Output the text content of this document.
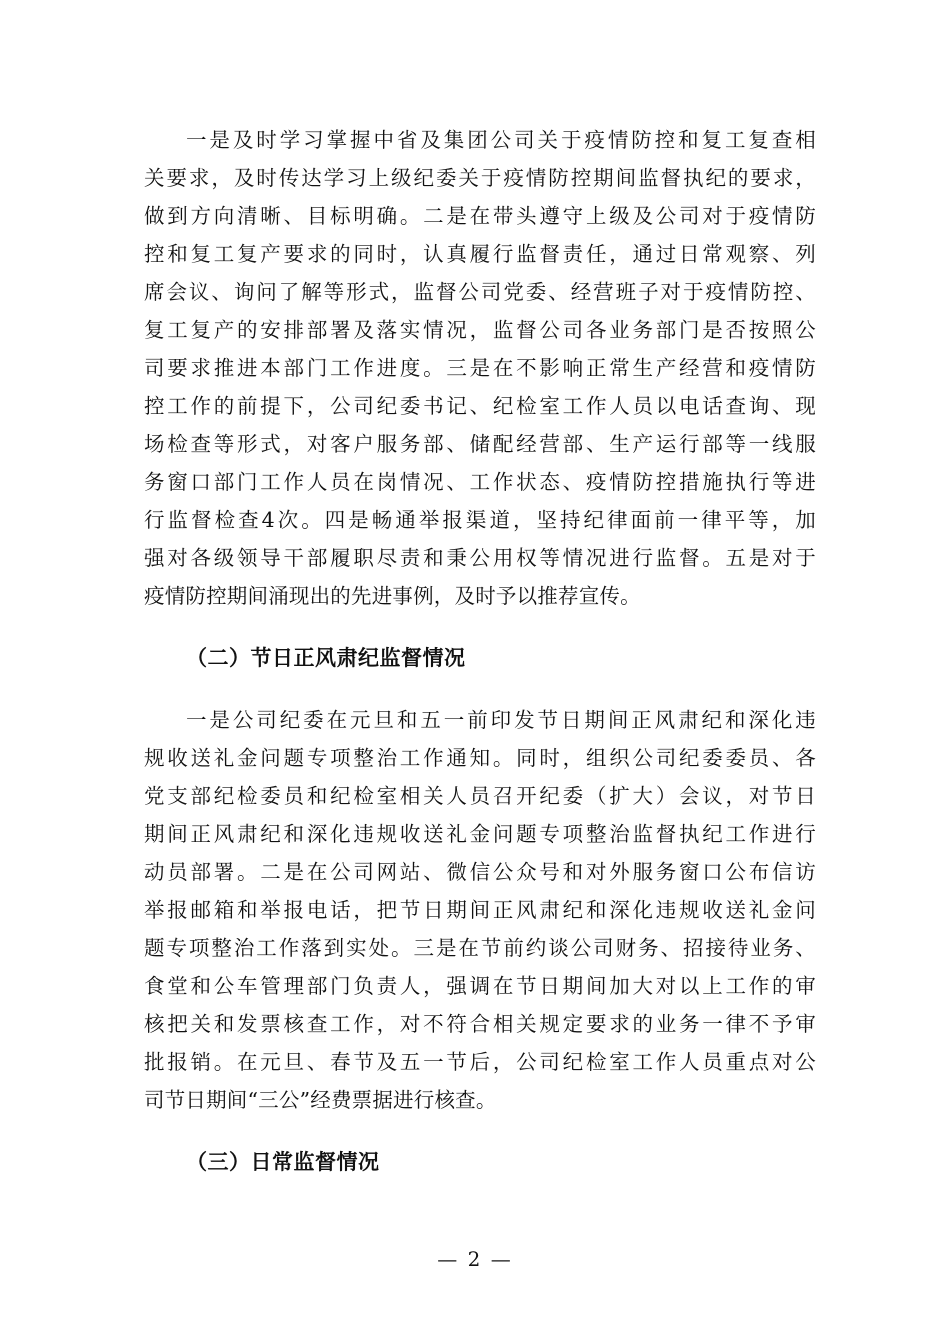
一是及时学习掌握中省及集团公司关于疫情防控和复工复查相
关要求，及时传达学习上级纪委关于疫情防控期间监督执纪的要求，
做到方向清晰、目标明确。二是在带头遵守上级及公司对于疫情防
控和复工复产要求的同时，认真履行监督责任，通过日常观察、列
席会议、询问了解等形式，监督公司党委、经营班子对于疫情防控、
复工复产的安排部署及落实情况，监督公司各业务部门是否按照公
司要求推进本部门工作进度。三是在不影响正常生产经营和疫情防
控工作的前提下，公司纪委书记、纪检室工作人员以电话查询、现
场检查等形式，对客户服务部、储配经营部、生产运行部等一线服
务窗口部门工作人员在岗情况、工作状态、疫情防控措施执行等进
行监督检查4次。四是畅通举报渠道，坚持纪律面前一律平等，加
强对各级领导干部履职尽责和秉公用权等情况进行监督。五是对于
疫情防控期间涌现出的先进事例，及时予以推荐宣传。
（二）节日正风肃纪监督情况
一是公司纪委在元旦和五一前印发节日期间正风肃纪和深化违
规收送礼金问题专项整治工作通知。同时，组织公司纪委委员、各
党支部纪检委员和纪检室相关人员召开纪委（扩大）会议，对节日
期间正风肃纪和深化违规收送礼金问题专项整治监督执纪工作进行
动员部署。二是在公司网站、微信公众号和对外服务窗口公布信访
举报邮箱和举报电话，把节日期间正风肃纪和深化违规收送礼金问
题专项整治工作落到实处。三是在节前约谈公司财务、招接待业务、
食堂和公车管理部门负责人，强调在节日期间加大对以上工作的审
核把关和发票核查工作，对不符合相关规定要求的业务一律不予审
批报销。在元旦、春节及五一节后，公司纪检室工作人员重点对公
司节日期间“三公”经费票据进行核查。
（三）日常监督情况
— 2 —
